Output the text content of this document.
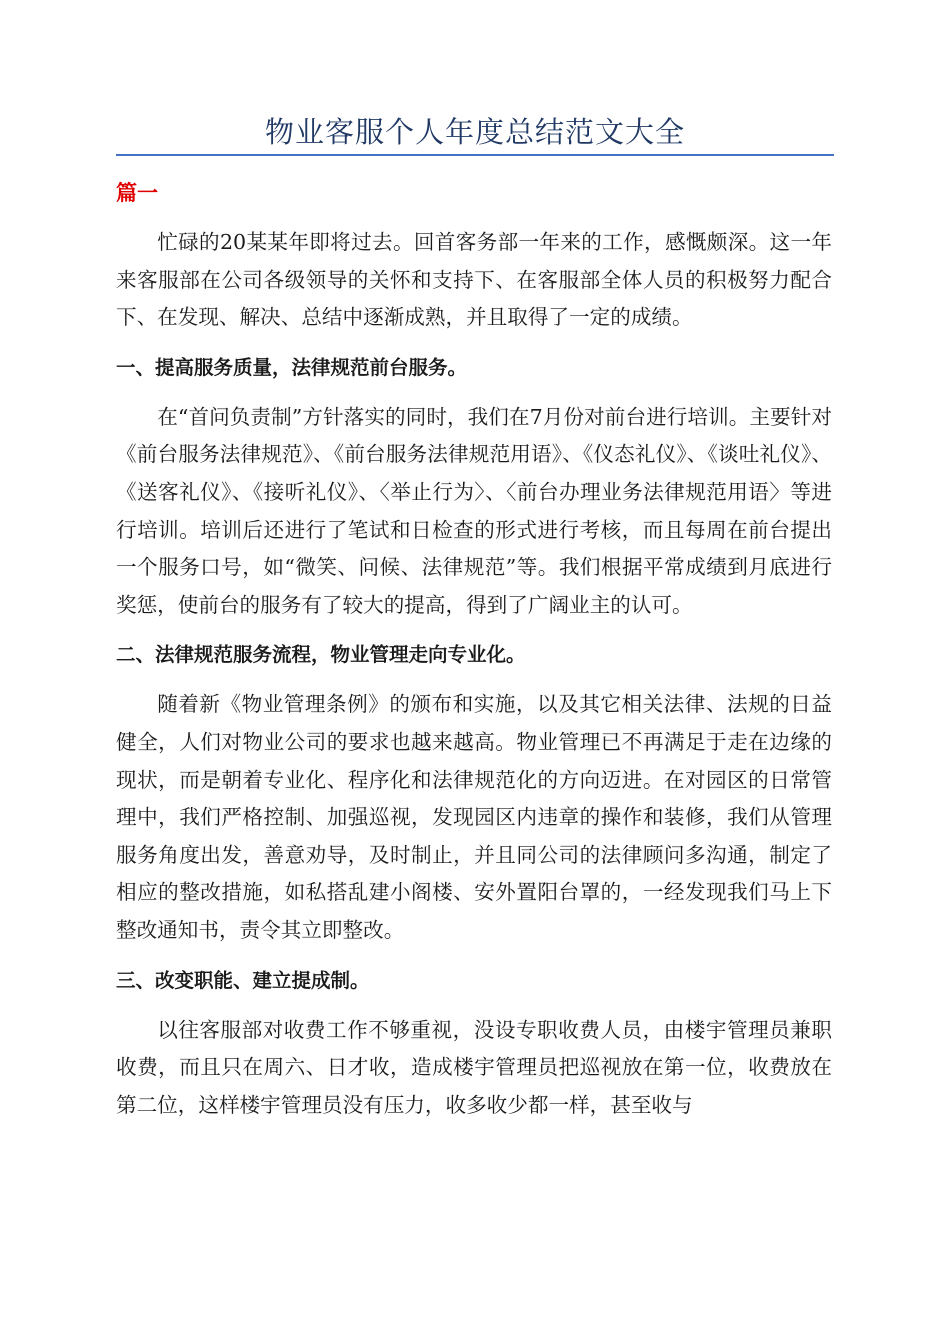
物业客服个人年度总结范文大全
篇一

忙碌的20某某年即将过去。回首客务部一年来的工作，感慨颇深。这一年来客服部在公司各级领导的关怀和支持下、在客服部全体人员的积极努力配合下、在发现、解决、总结中逐渐成熟，并且取得了一定的成绩。

一、提高服务质量，法律规范前台服务。

在“首问负责制”方针落实的同时，我们在7月份对前台进行培训。主要针对《前台服务法律规范》、《前台服务法律规范用语》、《仪态礼仪》、《谈吐礼仪》、《送客礼仪》、《接听礼仪》、〈举止行为〉、〈前台办理业务法律规范用语〉等进行培训。培训后还进行了笔试和日检查的形式进行考核，而且每周在前台提出一个服务口号，如“微笑、问候、法律规范”等。我们根据平常成绩到月底进行奖惩，使前台的服务有了较大的提高，得到了广阔业主的认可。

二、法律规范服务流程，物业管理走向专业化。

随着新《物业管理条例》的颁布和实施，以及其它相关法律、法规的日益健全，人们对物业公司的要求也越来越高。物业管理已不再满足于走在边缘的现状，而是朝着专业化、程序化和法律规范化的方向迈进。在对园区的日常管理中，我们严格控制、加强巡视，发现园区内违章的操作和装修，我们从管理服务角度出发，善意劝导，及时制止，并且同公司的法律顾问多沟通，制定了相应的整改措施，如私搭乱建小阁楼、安外置阳台罩的，一经发现我们马上下整改通知书，责令其立即整改。

三、改变职能、建立提成制。

以往客服部对收费工作不够重视，没设专职收费人员，由楼宇管理员兼职收费，而且只在周六、日才收，造成楼宇管理员把巡视放在第一位，收费放在第二位，这样楼宇管理员没有压力，收多收少都一样，甚至收与
